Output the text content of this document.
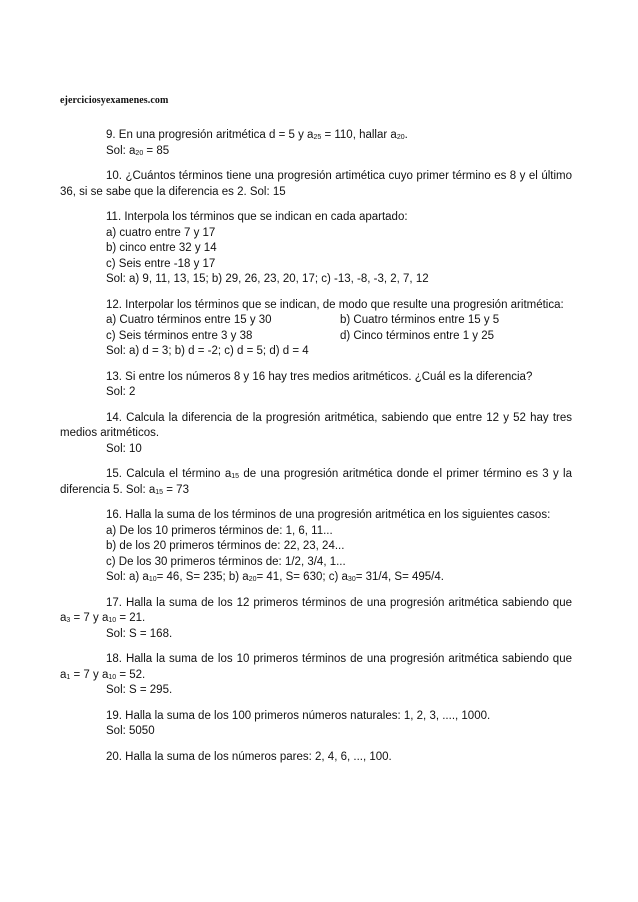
ejerciciosyexamenes.com
9. En una progresión aritmética d = 5 y $a_{25} = 110$, hallar $a_{20}$.
Sol: $a_{20} = 85$
10. ¿Cuántos términos tiene una progresión artimética cuyo primer término es 8 y el último 36, si se sabe que la diferencia es 2. Sol: 15
11. Interpola los términos que se indican en cada apartado:
a) cuatro entre 7 y 17
b) cinco entre 32 y 14
c) Seis entre -18 y 17
Sol: a) 9, 11, 13, 15; b) 29, 26, 23, 20, 17; c) -13, -8, -3, 2, 7, 12
12. Interpolar los términos que se indican, de modo que resulte una progresión aritmética:
a) Cuatro términos entre 15 y 30	b) Cuatro términos entre 15 y 5
c) Seis términos entre 3 y 38	d) Cinco términos entre 1 y 25
Sol: a) d = 3; b) d = -2; c) d = 5; d) d = 4
13. Si entre los números 8 y 16 hay tres medios aritméticos. ¿Cuál es la diferencia?
Sol: 2
14. Calcula la diferencia de la progresión aritmética, sabiendo que entre 12 y 52 hay tres medios aritméticos.
Sol: 10
15. Calcula el término $a_{15}$ de una progresión aritmética donde el primer término es 3 y la diferencia 5. Sol: $a_{15} = 73$
16. Halla la suma de los términos de una progresión aritmética en los siguientes casos:
a) De los 10 primeros términos de: 1, 6, 11...
b) de los 20 primeros términos de: 22, 23, 24...
c) De los 30 primeros términos de: 1/2, 3/4, 1...
Sol: a) $a_{10}= 46$, S= 235; b) $a_{20}= 41$, S= 630; c) $a_{30}= 31/4$, S= 495/4.
17. Halla la suma de los 12 primeros términos de una progresión aritmética sabiendo que $a_3 = 7$ y $a_{10} = 21$.
Sol: S = 168.
18. Halla la suma de los 10 primeros términos de una progresión aritmética sabiendo que $a_1 = 7$ y $a_{10} = 52$.
Sol: S = 295.
19. Halla la suma de los 100 primeros números naturales: 1, 2, 3, ...., 1000.
Sol: 5050
20. Halla la suma de los números pares: 2, 4, 6, ..., 100.
